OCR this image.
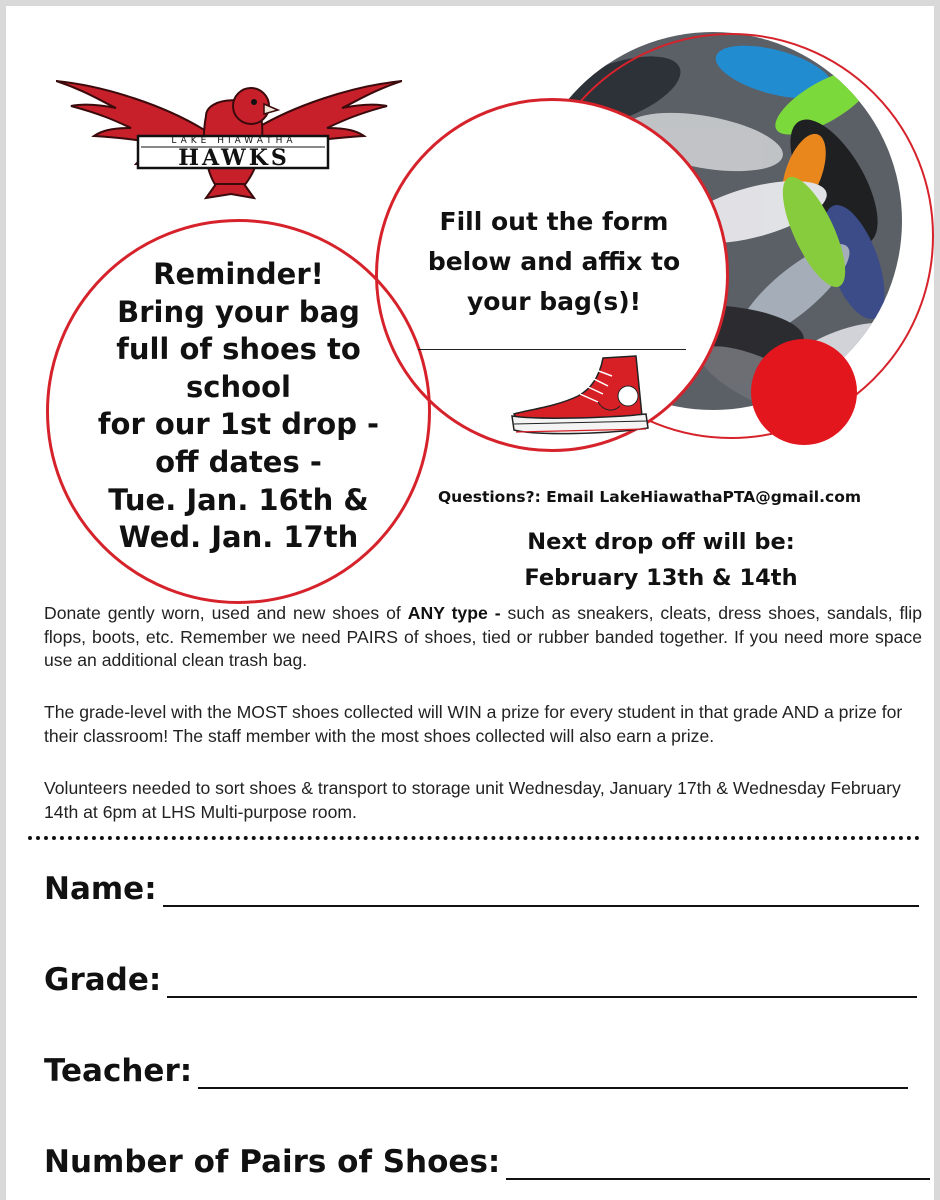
LAKE HIAWATHA
HAWKS
Reminder!
Bring your bag
full of shoes to
school
for our 1st drop -
off dates -
Tue. Jan. 16th &
Wed. Jan. 17th
Fill out the form
below and affix to
your bag(s)!
Questions?: Email LakeHiawathaPTA@gmail.com
Next drop off will be:
February 13th & 14th
Donate gently worn, used and new shoes of ANY type - such as sneakers, cleats, dress shoes, sandals, flip flops, boots, etc. Remember we need PAIRS of shoes, tied or rubber banded together. If you need more space use an additional clean trash bag.
The grade-level with the MOST shoes collected will WIN a prize for every student in that grade AND a prize for their classroom! The staff member with the most shoes collected will also earn a prize.
Volunteers needed to sort shoes & transport to storage unit Wednesday, January 17th & Wednesday February 14th at 6pm at LHS Multi-purpose room.
Name:
Grade:
Teacher:
Number of Pairs of Shoes:
